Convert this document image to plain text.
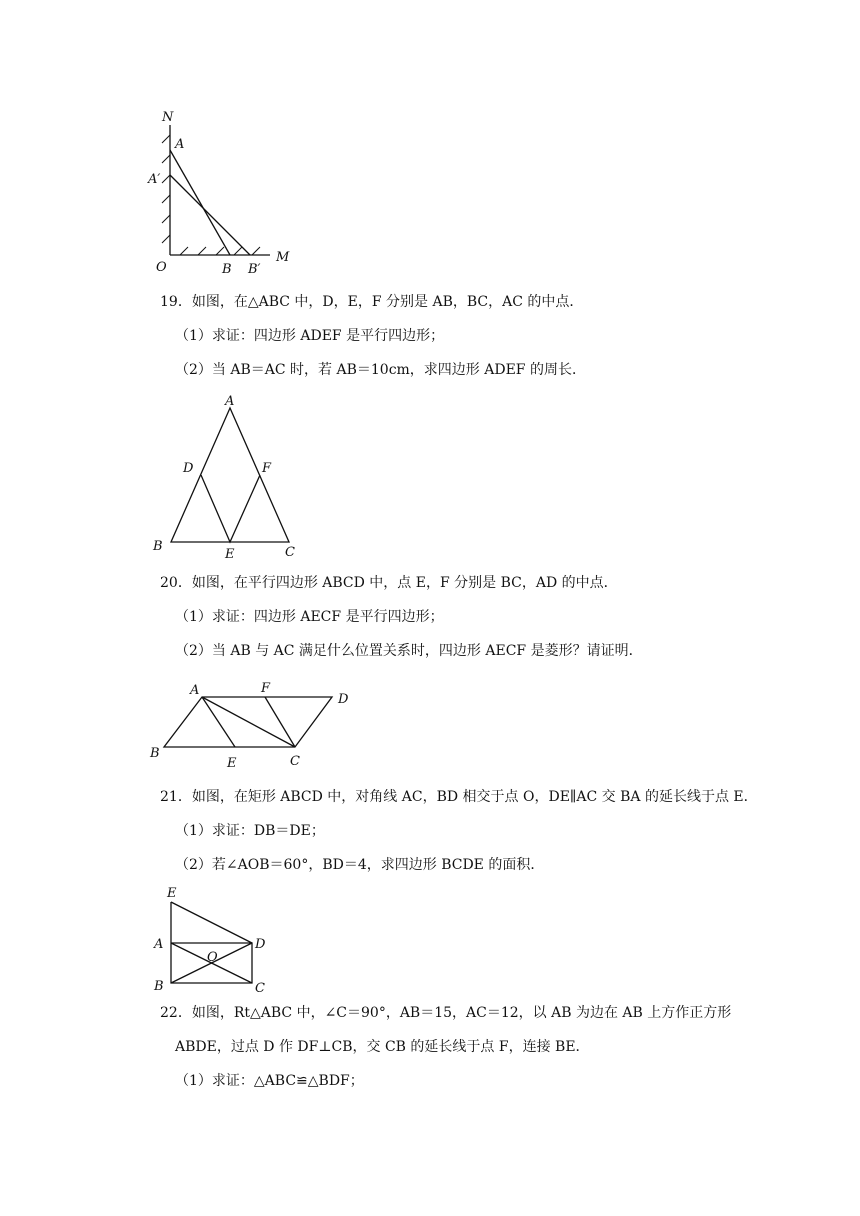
N
A
A′
O	B B′
M
19．如图，在△ABC 中，D，E，F 分别是 AB，BC，AC 的中点．
（1）求证：四边形 ADEF 是平行四边形；
（2）当 AB＝AC 时，若 AB＝10cm，求四边形 ADEF 的周长．
A
D	F
B
E	C
20．如图，在平行四边形 ABCD 中，点 E，F 分别是 BC，AD 的中点．
（1）求证：四边形 AECF 是平行四边形；
（2）当 AB 与 AC 满足什么位置关系时，四边形 AECF 是菱形？请证明．
A	F
D
B
E	C
21．如图，在矩形 ABCD 中，对角线 AC，BD 相交于点 O，DE∥AC 交 BA 的延长线于点 E．
（1）求证：DB＝DE；
（2）若∠AOB＝60°，BD＝4，求四边形 BCDE 的面积．
E
A	D
O
B	C
22．如图，Rt△ABC 中，∠C＝90°，AB＝15，AC＝12，以 AB 为边在 AB 上方作正方形
ABDE，过点 D 作 DF⊥CB，交 CB 的延长线于点 F，连接 BE．
（1）求证：△ABC≌△BDF；
